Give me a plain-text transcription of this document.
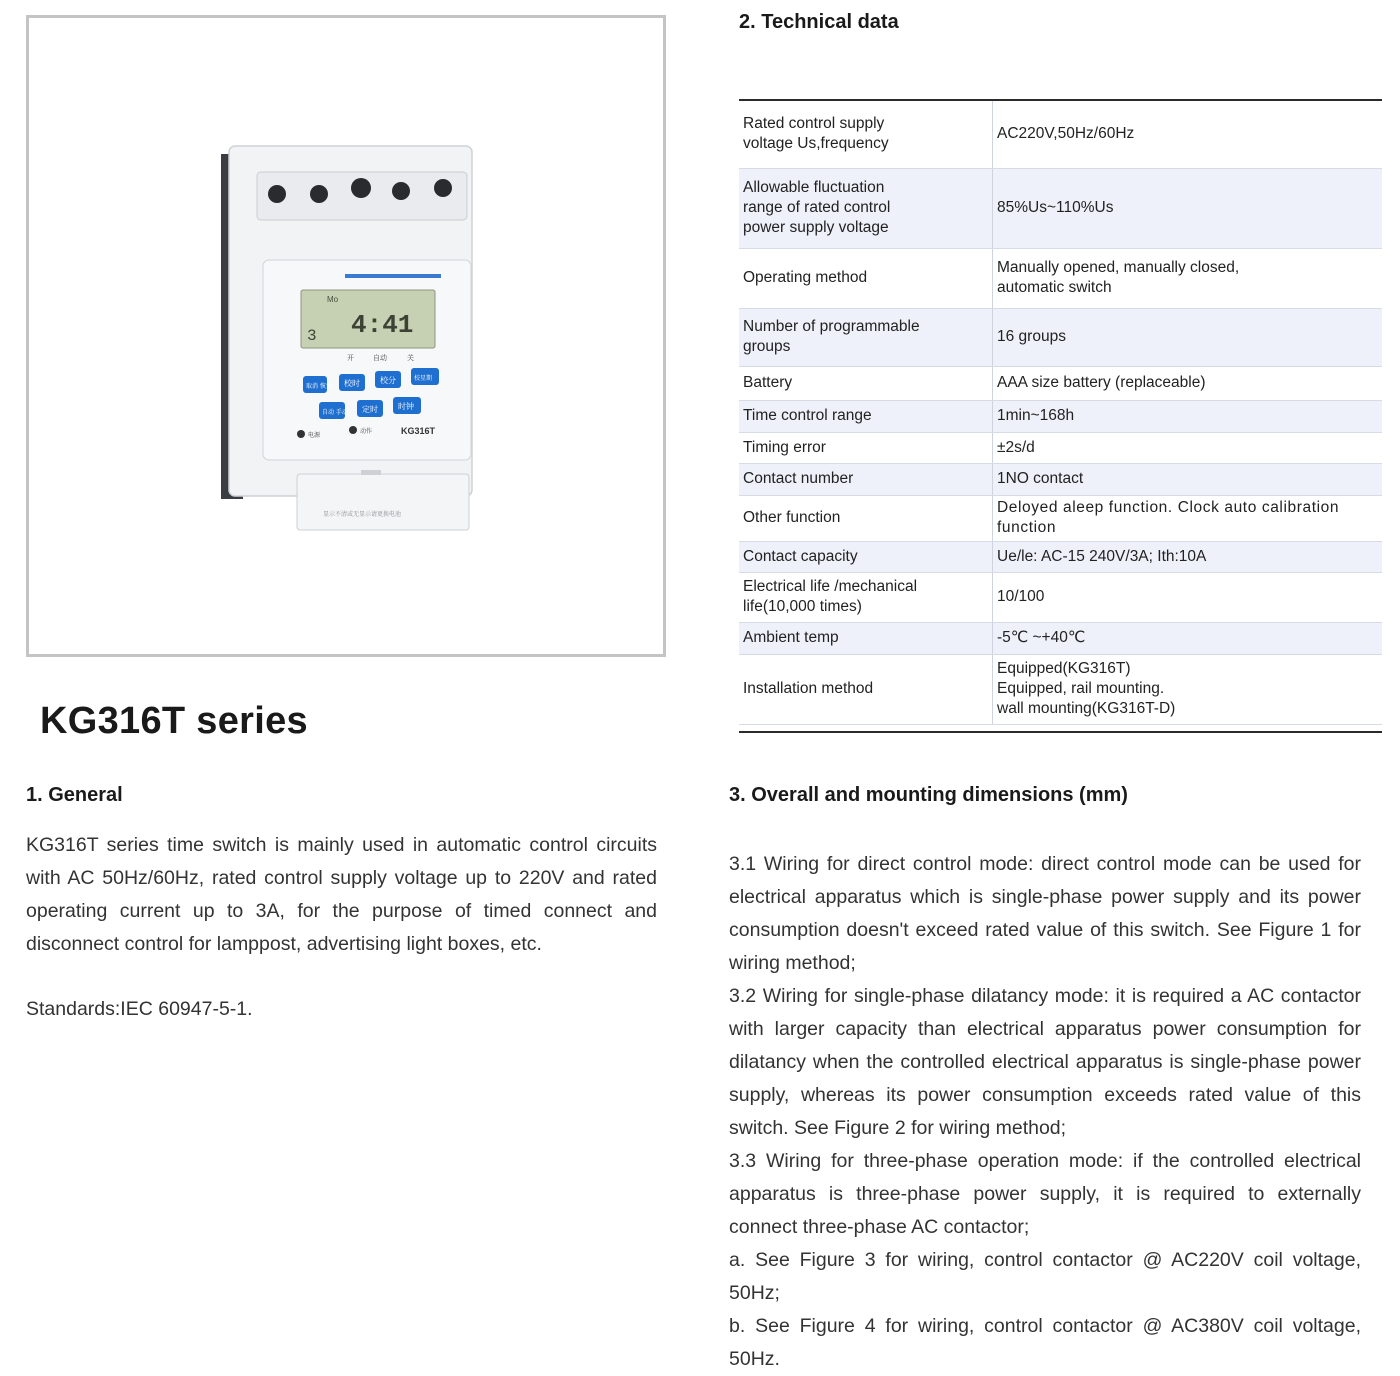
Mo
4:41
3
开	自动	关
取消 恢复 校时	校分	校星期
自动 手动 定时	时钟
电源
动作	KG316T
显示不清或无显示请更换电池
KG316T series
1. General

KG316T series time switch is mainly used in automatic control circuits with AC 50Hz/60Hz, rated control supply voltage up to 220V and rated operating current up to 3A, for the purpose of timed connect and disconnect control for lamppost, advertising light boxes, etc.

Standards:IEC 60947-5-1.

2. Technical data
Rated control supply
voltage Us,frequency	AC220V,50Hz/60Hz
Allowable fluctuation
range of rated control
power supply voltage	85%Us~110%Us
Operating method	Manually opened, manually closed,
automatic switch
Number of programmable
groups	16 groups
Battery	AAA size battery (replaceable)
Time control range	1min~168h
Timing error	±2s/d
Contact number	1NO contact
Other function	Deloyed aleep function. Clock auto calibration
function
Contact capacity	Ue/le: AC-15 240V/3A; Ith:10A
Electrical life /mechanical
life(10,000 times)	10/100
Ambient temp	-5℃ ~+40℃
Installation method	Equipped(KG316T)
Equipped, rail mounting.
wall mounting(KG316T-D)
3. Overall and mounting dimensions (mm)

3.1 Wiring for direct control mode: direct control mode can be used for electrical apparatus which is single-phase power supply and its power consumption doesn't exceed rated value of this switch. See Figure 1 for wiring method;

3.2 Wiring for single-phase dilatancy mode: it is required a AC contactor with larger capacity than electrical apparatus power consumption for dilatancy when the controlled electrical apparatus is single-phase power supply, whereas its power consumption exceeds rated value of this switch. See Figure 2 for wiring method;

3.3 Wiring for three-phase operation mode: if the controlled electrical apparatus is three-phase power supply, it is required to externally connect three-phase AC contactor;

a. See Figure 3 for wiring, control contactor @ AC220V coil voltage, 50Hz;

b. See Figure 4 for wiring, control contactor @ AC380V coil voltage, 50Hz.
